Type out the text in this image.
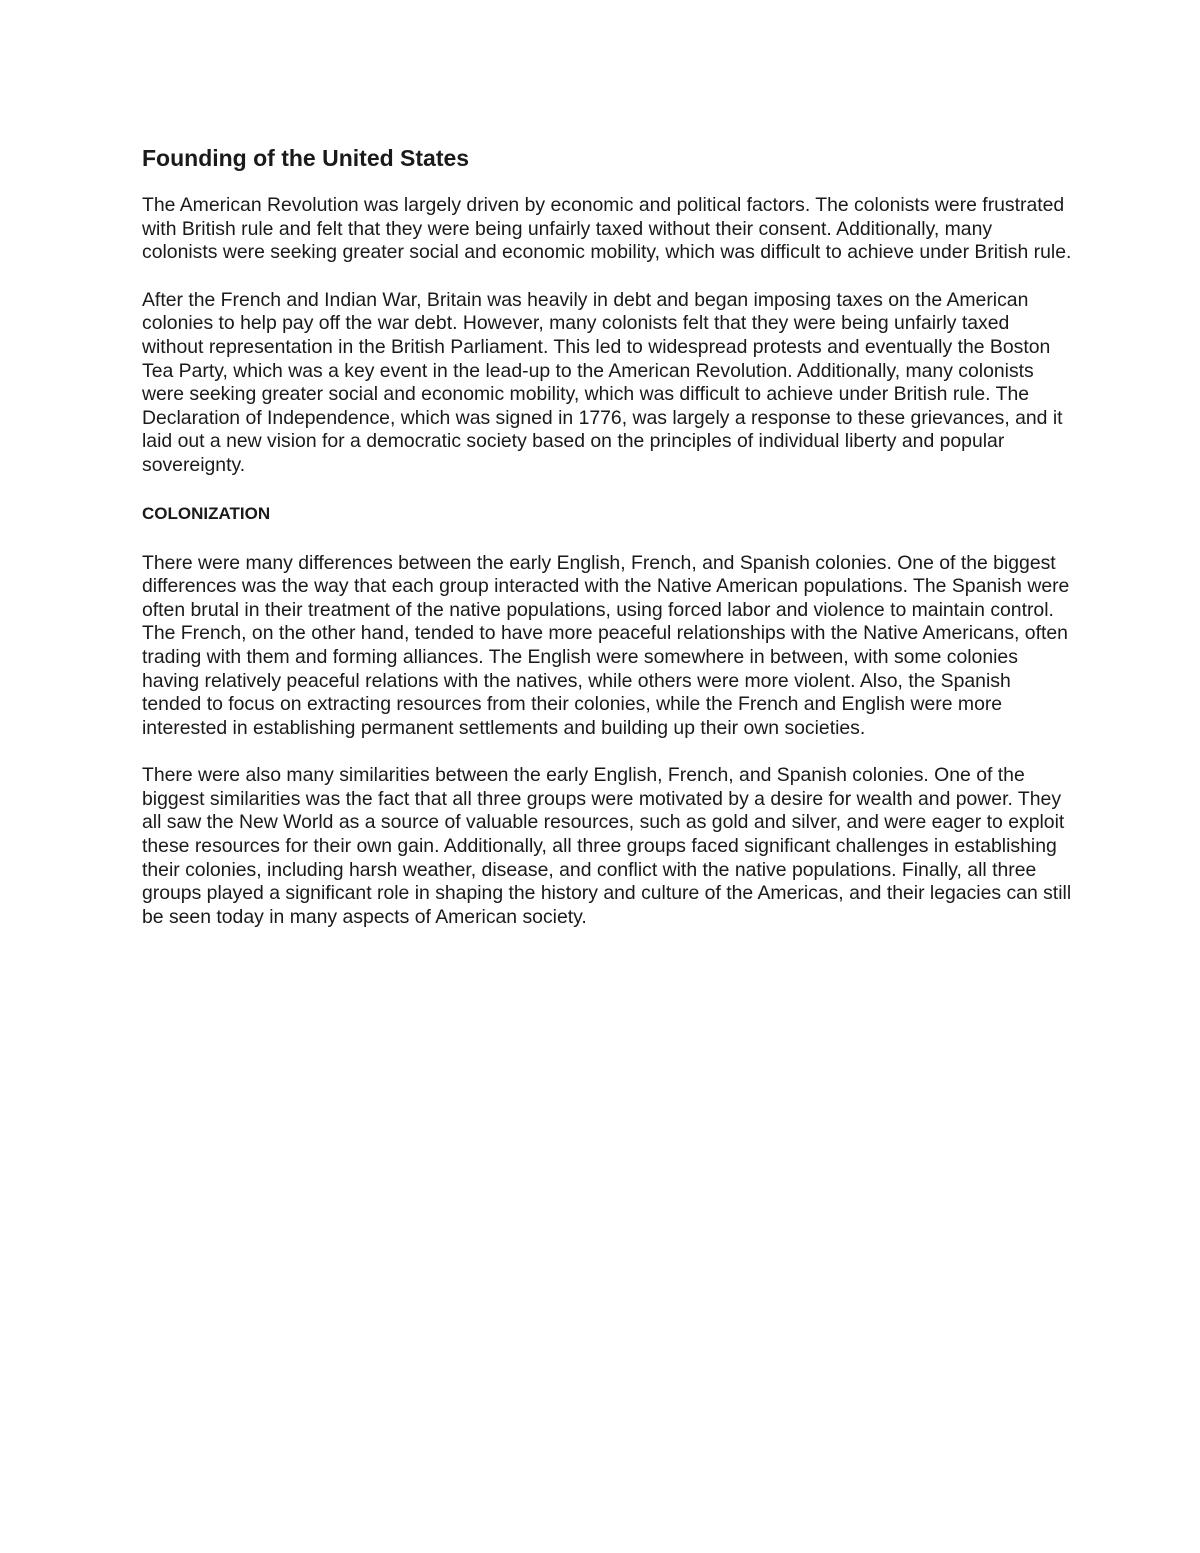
Founding of the United States

The American Revolution was largely driven by economic and political factors. The colonists were frustrated with British rule and felt that they were being unfairly taxed without their consent. Additionally, many colonists were seeking greater social and economic mobility, which was difficult to achieve under British rule.

After the French and Indian War, Britain was heavily in debt and began imposing taxes on the American colonies to help pay off the war debt. However, many colonists felt that they were being unfairly taxed without representation in the British Parliament. This led to widespread protests and eventually the Boston Tea Party, which was a key event in the lead-up to the American Revolution. Additionally, many colonists were seeking greater social and economic mobility, which was difficult to achieve under British rule. The Declaration of Independence, which was signed in 1776, was largely a response to these grievances, and it laid out a new vision for a democratic society based on the principles of individual liberty and popular sovereignty.

COLONIZATION

There were many differences between the early English, French, and Spanish colonies. One of the biggest differences was the way that each group interacted with the Native American populations. The Spanish were often brutal in their treatment of the native populations, using forced labor and violence to maintain control. The French, on the other hand, tended to have more peaceful relationships with the Native Americans, often trading with them and forming alliances. The English were somewhere in between, with some colonies having relatively peaceful relations with the natives, while others were more violent. Also, the Spanish tended to focus on extracting resources from their colonies, while the French and English were more interested in establishing permanent settlements and building up their own societies.

There were also many similarities between the early English, French, and Spanish colonies. One of the biggest similarities was the fact that all three groups were motivated by a desire for wealth and power. They all saw the New World as a source of valuable resources, such as gold and silver, and were eager to exploit these resources for their own gain. Additionally, all three groups faced significant challenges in establishing their colonies, including harsh weather, disease, and conflict with the native populations. Finally, all three groups played a significant role in shaping the history and culture of the Americas, and their legacies can still be seen today in many aspects of American society.
